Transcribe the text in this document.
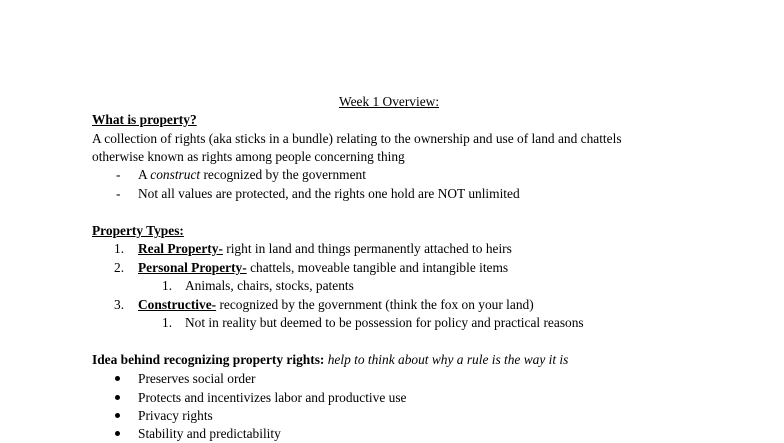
Week 1 Overview:
What is property?
A collection of rights (aka sticks in a bundle) relating to the ownership and use of land and chattels
otherwise known as rights among people concerning thing
- A construct recognized by the government
- Not all values are protected, and the rights one hold are NOT unlimited
Property Types:
1. Real Property- right in land and things permanently attached to heirs
2. Personal Property- chattels, moveable tangible and intangible items
1. Animals, chairs, stocks, patents
3. Constructive- recognized by the government (think the fox on your land)
1. Not in reality but deemed to be possession for policy and practical reasons
Idea behind recognizing property rights: help to think about why a rule is the way it is
Preserves social order
Protects and incentivizes labor and productive use
Privacy rights
Stability and predictability
